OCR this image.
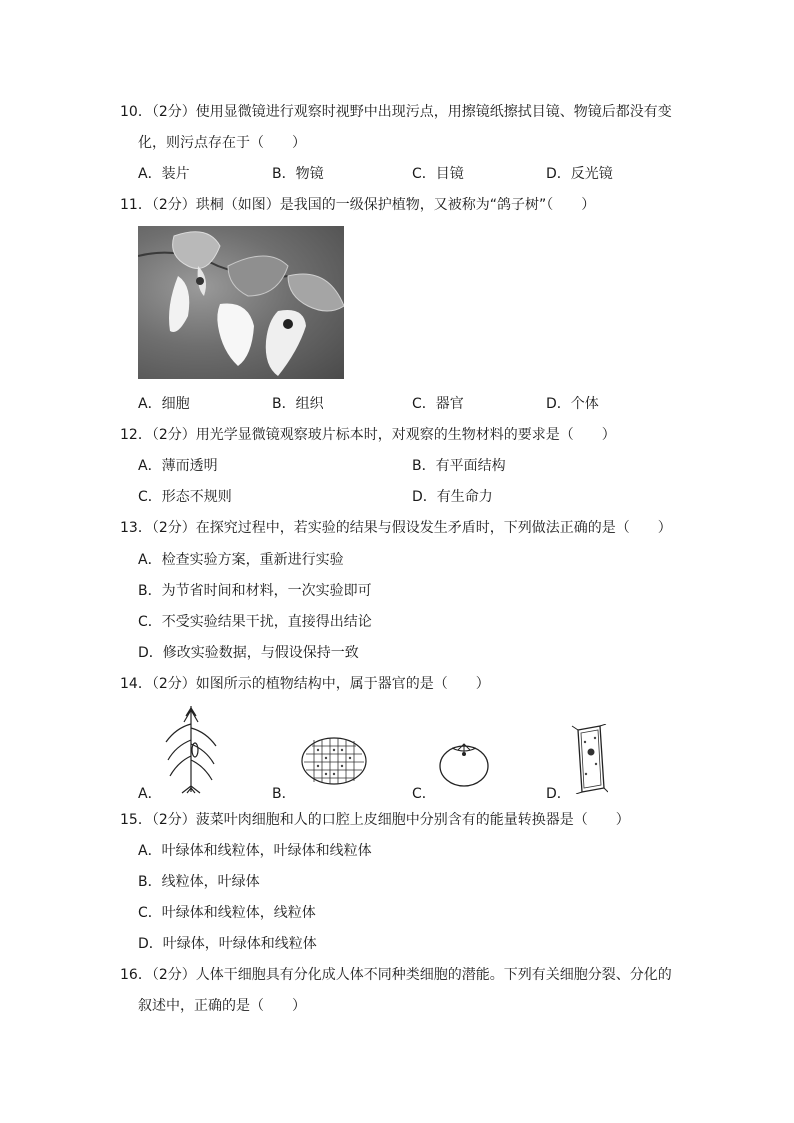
10．（2分）使用显微镜进行观察时视野中出现污点，用擦镜纸擦拭目镜、物镜后都没有变
化，则污点存在于（　　）
A．装片	B．物镜	C．目镜	D．反光镜
11．（2分）珙桐（如图）是我国的一级保护植物，又被称为“鸽子树”（　　）
A．细胞	B．组织	C．器官	D．个体
12．（2分）用光学显微镜观察玻片标本时，对观察的生物材料的要求是（　　）
A．薄而透明	B．有平面结构
C．形态不规则	D．有生命力
13．（2分）在探究过程中，若实验的结果与假设发生矛盾时，下列做法正确的是（　　）
A．检查实验方案，重新进行实验
B．为节省时间和材料，一次实验即可
C．不受实验结果干扰，直接得出结论
D．修改实验数据，与假设保持一致
14．（2分）如图所示的植物结构中，属于器官的是（　　）
A．	B．	C．	D．
15．（2分）菠菜叶肉细胞和人的口腔上皮细胞中分别含有的能量转换器是（　　）
A．叶绿体和线粒体，叶绿体和线粒体
B．线粒体，叶绿体
C．叶绿体和线粒体，线粒体
D．叶绿体，叶绿体和线粒体
16．（2分）人体干细胞具有分化成人体不同种类细胞的潜能。下列有关细胞分裂、分化的
叙述中，正确的是（　　）
